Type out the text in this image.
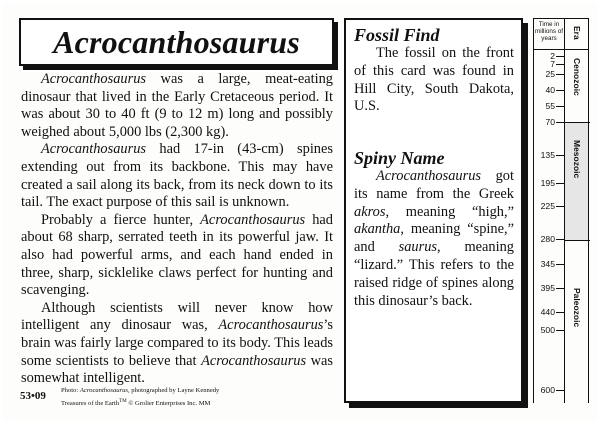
Acrocanthosaurus

Acrocanthosaurus was a large, meat-eating dinosaur that lived in the Early Cretaceous period. It was about 30 to 40 ft (9 to 12 m) long and possibly weighed about 5,000 lbs (2,300 kg).

Acrocanthosaurus had 17-in (43-cm) spines extending out from its backbone. This may have created a sail along its back, from its neck down to its tail. The exact purpose of this sail is unknown.

Probably a fierce hunter, Acrocanthosaurus had about 68 sharp, serrated teeth in its powerful jaw. It also had powerful arms, and each hand ended in three, sharp, sicklelike claws perfect for hunting and scavenging.

Although scientists will never know how intelligent any dinosaur was, Acrocanthosaurus’s brain was fairly large compared to its body. This leads some scientists to believe that Acrocanthosaurus was somewhat intelligent.

53•09 Photo: Acrocanthosaurus, photographed by Layne Kennedy
Treasures of the Earth™ © Grolier Enterprises Inc. MM
Fossil Find

The fossil on the front of this card was found in Hill City, South Dakota, U.S.

Spiny Name

Acrocanthosaurus got its name from the Greek akros, meaning “high,” akantha, meaning “spine,” and saurus, meaning “lizard.” This refers to the raised ridge of spines along this dinosaur’s back.

Time in millions of years	Era
2
7
25
40
55
70
135
195
225
280
345
395
440
500
600
Cenozoic
Mesozoic
Paleozoic
